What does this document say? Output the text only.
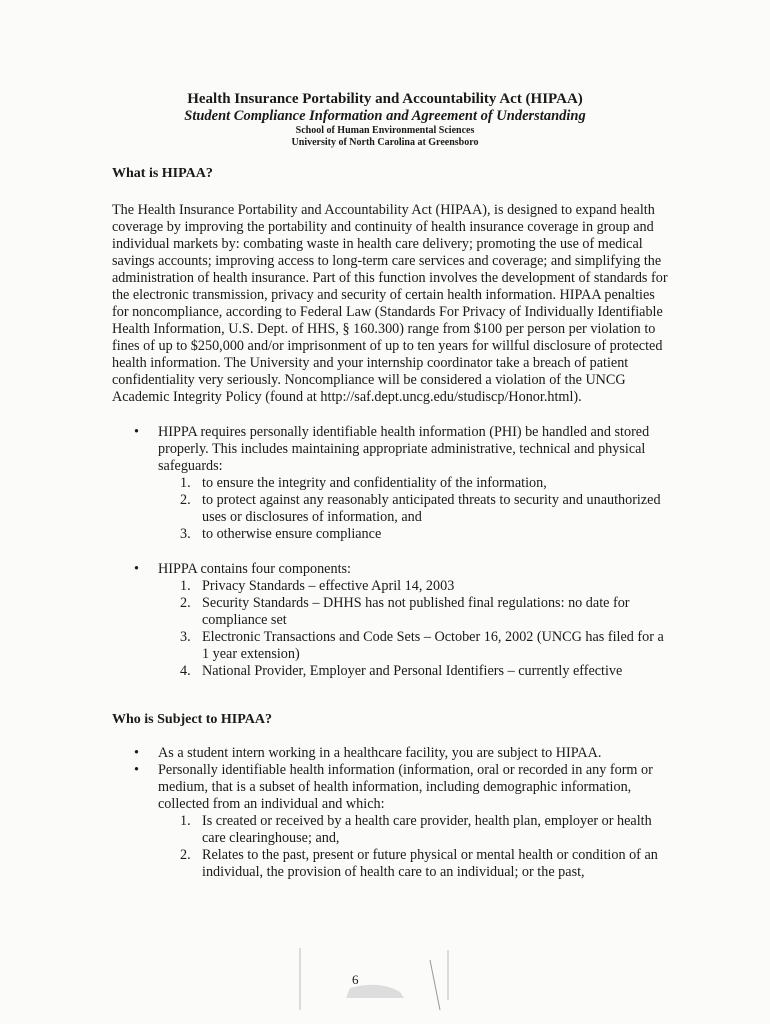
Health Insurance Portability and Accountability Act (HIPAA)
Student Compliance Information and Agreement of Understanding
School of Human Environmental Sciences
University of North Carolina at Greensboro
What is HIPAA?
The Health Insurance Portability and Accountability Act (HIPAA), is designed to expand health coverage by improving the portability and continuity of health insurance coverage in group and individual markets by: combating waste in health care delivery; promoting the use of medical savings accounts; improving access to long-term care services and coverage; and simplifying the administration of health insurance. Part of this function involves the development of standards for the electronic transmission, privacy and security of certain health information. HIPAA penalties for noncompliance, according to Federal Law (Standards For Privacy of Individually Identifiable Health Information, U.S. Dept. of HHS, § 160.300) range from $100 per person per violation to fines of up to $250,000 and/or imprisonment of up to ten years for willful disclosure of protected health information. The University and your internship coordinator take a breach of patient confidentiality very seriously. Noncompliance will be considered a violation of the UNCG Academic Integrity Policy (found at http://saf.dept.uncg.edu/studiscp/Honor.html).
• HIPPA requires personally identifiable health information (PHI) be handled and stored properly. This includes maintaining appropriate administrative, technical and physical safeguards:
1. to ensure the integrity and confidentiality of the information,
2. to protect against any reasonably anticipated threats to security and unauthorized uses or disclosures of information, and
3. to otherwise ensure compliance
• HIPPA contains four components:
1. Privacy Standards – effective April 14, 2003
2. Security Standards – DHHS has not published final regulations: no date for compliance set
3. Electronic Transactions and Code Sets – October 16, 2002 (UNCG has filed for a 1 year extension)
4. National Provider, Employer and Personal Identifiers – currently effective
Who is Subject to HIPAA?
• As a student intern working in a healthcare facility, you are subject to HIPAA.
• Personally identifiable health information (information, oral or recorded in any form or medium, that is a subset of health information, including demographic information, collected from an individual and which:
1. Is created or received by a health care provider, health plan, employer or health care clearinghouse; and,
2. Relates to the past, present or future physical or mental health or condition of an individual, the provision of health care to an individual; or the past,
6
